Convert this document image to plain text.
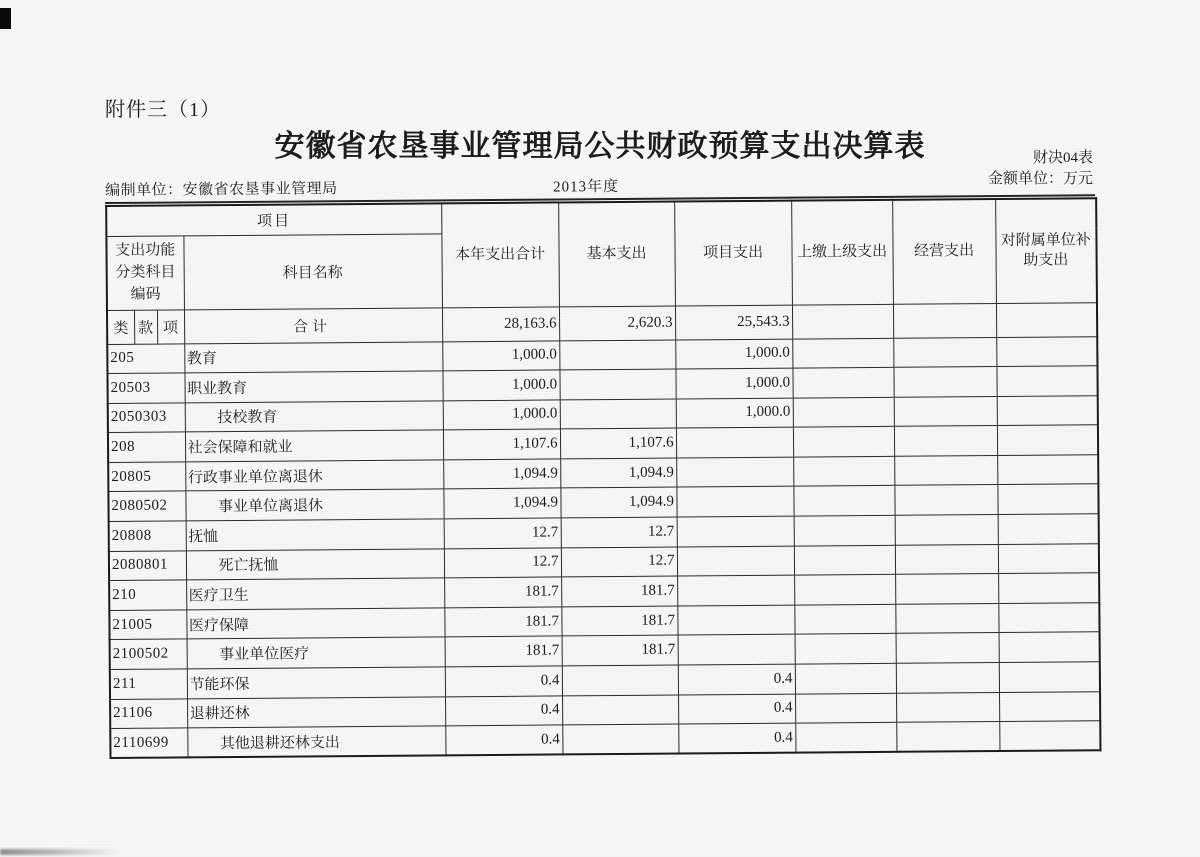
附件三（1）
安徽省农垦事业管理局公共财政预算支出决算表	财决04表
金额单位：万元
编制单位：安徽省农垦事业管理局	2013年度
项目				本年支出合计	基本支出	项目支出	上缴上级支出	经营支出	对附属单位补助支出
支出功能分类科目编码			科目名称						
类	款	项	合计	28,163.6	2,620.3	25,543.3			
205			教育	1,000.0		1,000.0			
20503			职业教育	1,000.0		1,000.0			
2050303			技校教育	1,000.0		1,000.0			
208			社会保障和就业	1,107.6	1,107.6				
20805			行政事业单位离退休	1,094.9	1,094.9				
2080502			事业单位离退休	1,094.9	1,094.9				
20808			抚恤	12.7	12.7				
2080801			死亡抚恤	12.7	12.7				
210			医疗卫生	181.7	181.7				
21005			医疗保障	181.7	181.7				
2100502			事业单位医疗	181.7	181.7				
211			节能环保	0.4		0.4			
21106			退耕还林	0.4		0.4			
2110699			其他退耕还林支出	0.4		0.4			
